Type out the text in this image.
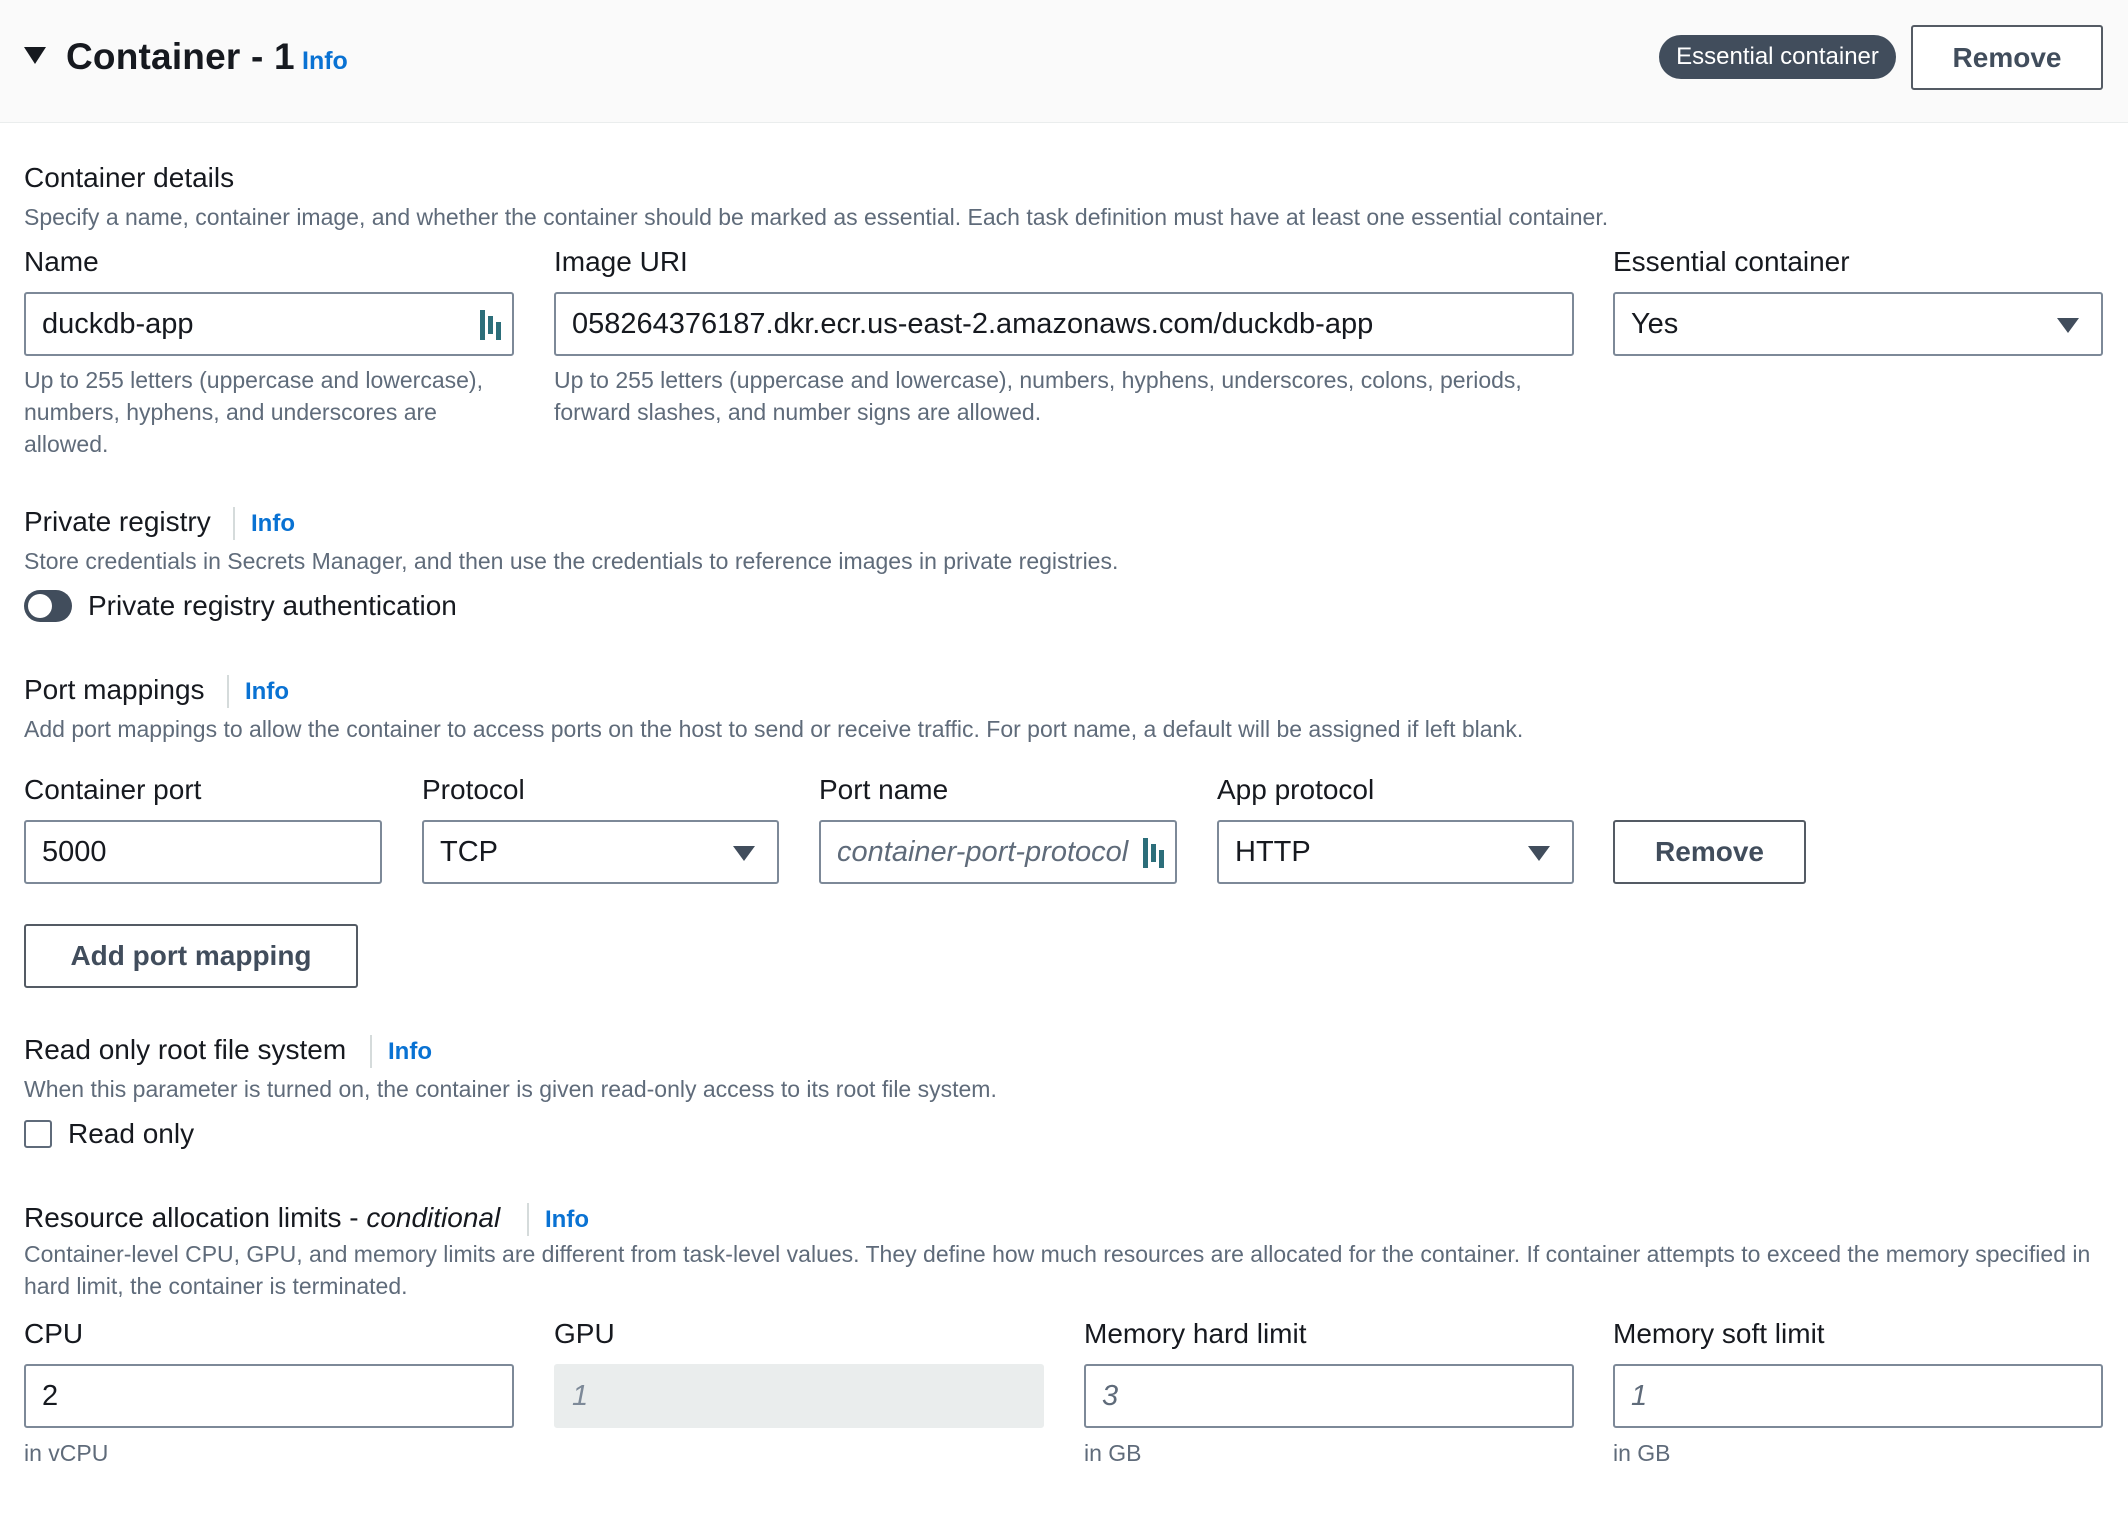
Container - 1 Info	Essential container	Remove
Container details
Specify a name, container image, and whether the container should be marked as essential. Each task definition must have at least one essential container.
Name
duckdb-app
Up to 255 letters (uppercase and lowercase), numbers, hyphens, and underscores are allowed.
Image URI
058264376187.dkr.ecr.us-east-2.amazonaws.com/duckdb-app
Up to 255 letters (uppercase and lowercase), numbers, hyphens, underscores, colons, periods, forward slashes, and number signs are allowed.
Essential container
Yes
Private registry Info
Store credentials in Secrets Manager, and then use the credentials to reference images in private registries.
Private registry authentication
Port mappings Info
Add port mappings to allow the container to access ports on the host to send or receive traffic. For port name, a default will be assigned if left blank.
Container port
5000
Protocol
TCP
Port name
container-port-protocol
App protocol
HTTP	Remove
Add port mapping
Read only root file system Info
When this parameter is turned on, the container is given read-only access to its root file system.
Read only
Resource allocation limits - conditional Info
Container-level CPU, GPU, and memory limits are different from task-level values. They define how much resources are allocated for the container. If container attempts to exceed the memory specified in hard limit, the container is terminated.
CPU
2
in vCPU
GPU
1
Memory hard limit
3
in GB
Memory soft limit
1
in GB
